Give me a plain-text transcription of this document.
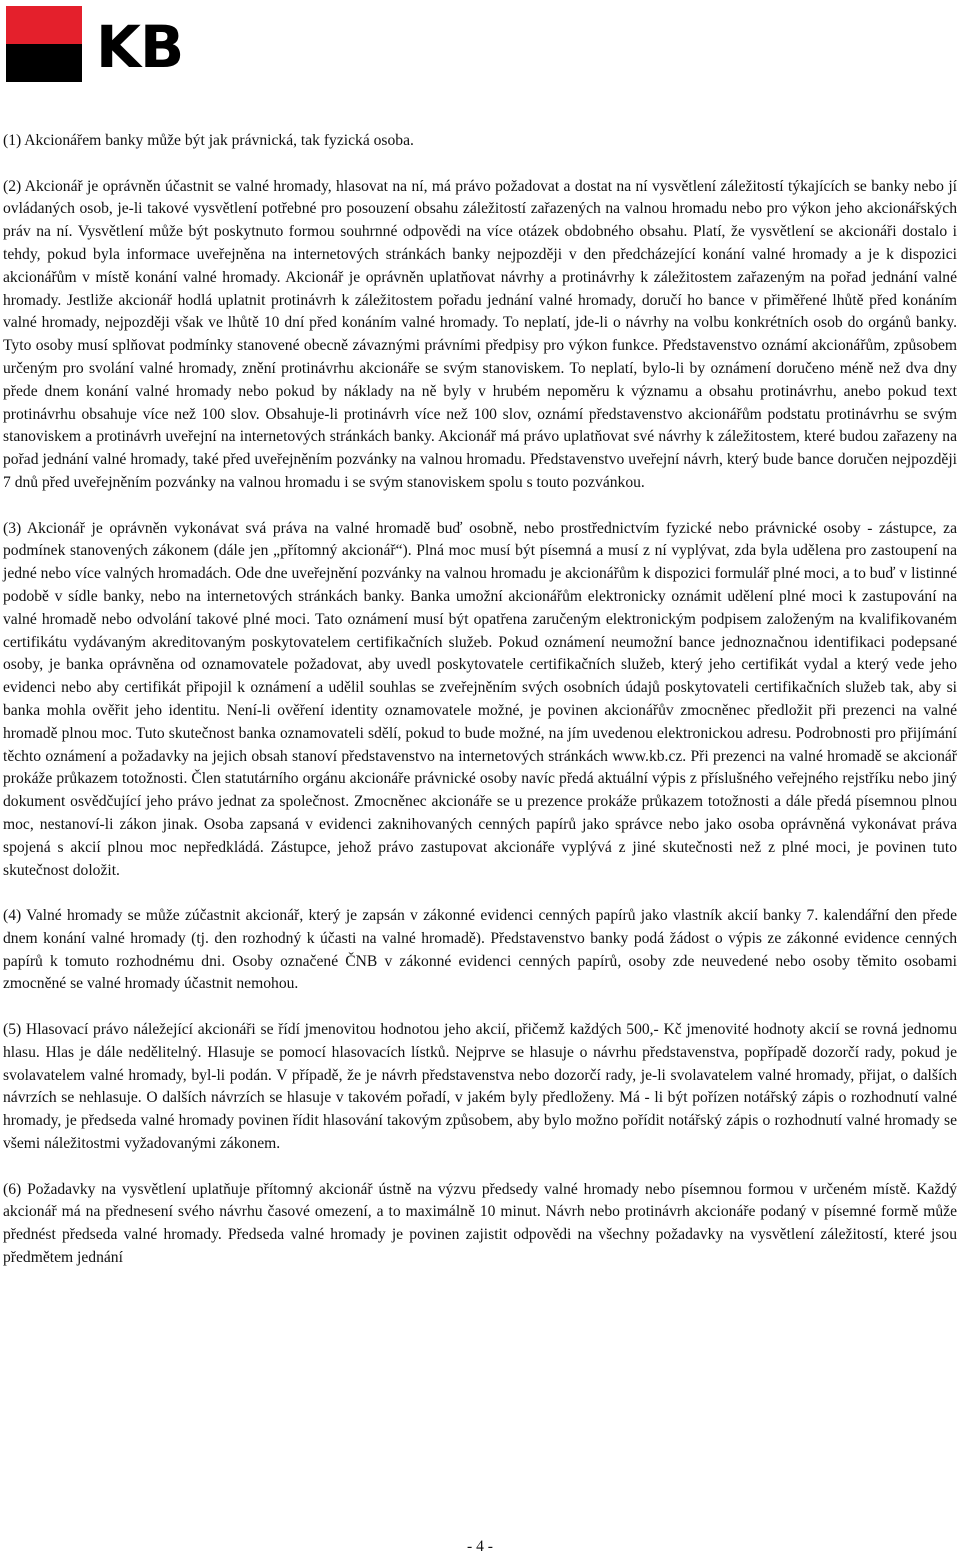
KB

(1) Akcionářem banky může být jak právnická, tak fyzická osoba.

(2) Akcionář je oprávněn účastnit se valné hromady, hlasovat na ní, má právo požadovat a dostat na ní vysvětlení záležitostí týkajících se banky nebo jí ovládaných osob, je-li takové vysvětlení potřebné pro posouzení obsahu záležitostí zařazených na valnou hromadu nebo pro výkon jeho akcionářských práv na ní. Vysvětlení může být poskytnuto formou souhrnné odpovědi na více otázek obdobného obsahu. Platí, že vysvětlení se akcionáři dostalo i tehdy, pokud byla informace uveřejněna na internetových stránkách banky nejpozději v den předcházející konání valné hromady a je k dispozici akcionářům v místě konání valné hromady. Akcionář je oprávněn uplatňovat návrhy a protinávrhy k záležitostem zařazeným na pořad jednání valné hromady. Jestliže akcionář hodlá uplatnit protinávrh k záležitostem pořadu jednání valné hromady, doručí ho bance v přiměřené lhůtě před konáním valné hromady, nejpozději však ve lhůtě 10 dní před konáním valné hromady. To neplatí, jde-li o návrhy na volbu konkrétních osob do orgánů banky. Tyto osoby musí splňovat podmínky stanovené obecně závaznými právními předpisy pro výkon funkce. Představenstvo oznámí akcionářům, způsobem určeným pro svolání valné hromady, znění protinávrhu akcionáře se svým stanoviskem. To neplatí, bylo-li by oznámení doručeno méně než dva dny přede dnem konání valné hromady nebo pokud by náklady na ně byly v hrubém nepoměru k významu a obsahu protinávrhu, anebo pokud text protinávrhu obsahuje více než 100 slov. Obsahuje-li protinávrh více než 100 slov, oznámí představenstvo akcionářům podstatu protinávrhu se svým stanoviskem a protinávrh uveřejní na internetových stránkách banky. Akcionář má právo uplatňovat své návrhy k záležitostem, které budou zařazeny na pořad jednání valné hromady, také před uveřejněním pozvánky na valnou hromadu. Představenstvo uveřejní návrh, který bude bance doručen nejpozději 7 dnů před uveřejněním pozvánky na valnou hromadu i se svým stanoviskem spolu s touto pozvánkou.

(3) Akcionář je oprávněn vykonávat svá práva na valné hromadě buď osobně, nebo prostřednictvím fyzické nebo právnické osoby - zástupce, za podmínek stanovených zákonem (dále jen „přítomný akcionář“). Plná moc musí být písemná a musí z ní vyplývat, zda byla udělena pro zastoupení na jedné nebo více valných hromadách. Ode dne uveřejnění pozvánky na valnou hromadu je akcionářům k dispozici formulář plné moci, a to buď v listinné podobě v sídle banky, nebo na internetových stránkách banky. Banka umožní akcionářům elektronicky oznámit udělení plné moci k zastupování na valné hromadě nebo odvolání takové plné moci. Tato oznámení musí být opatřena zaručeným elektronickým podpisem založeným na kvalifikovaném certifikátu vydávaným akreditovaným poskytovatelem certifikačních služeb. Pokud oznámení neumožní bance jednoznačnou identifikaci podepsané osoby, je banka oprávněna od oznamovatele požadovat, aby uvedl poskytovatele certifikačních služeb, který jeho certifikát vydal a který vede jeho evidenci nebo aby certifikát připojil k oznámení a udělil souhlas se zveřejněním svých osobních údajů poskytovateli certifikačních služeb tak, aby si banka mohla ověřit jeho identitu. Není-li ověření identity oznamovatele možné, je povinen akcionářův zmocněnec předložit při prezenci na valné hromadě plnou moc. Tuto skutečnost banka oznamovateli sdělí, pokud to bude možné, na jím uvedenou elektronickou adresu. Podrobnosti pro přijímání těchto oznámení a požadavky na jejich obsah stanoví představenstvo na internetových stránkách www.kb.cz. Při prezenci na valné hromadě se akcionář prokáže průkazem totožnosti. Člen statutárního orgánu akcionáře právnické osoby navíc předá aktuální výpis z příslušného veřejného rejstříku nebo jiný dokument osvědčující jeho právo jednat za společnost. Zmocněnec akcionáře se u prezence prokáže průkazem totožnosti a dále předá písemnou plnou moc, nestanoví-li zákon jinak. Osoba zapsaná v evidenci zaknihovaných cenných papírů jako správce nebo jako osoba oprávněná vykonávat práva spojená s akcií plnou moc nepředkládá. Zástupce, jehož právo zastupovat akcionáře vyplývá z jiné skutečnosti než z plné moci, je povinen tuto skutečnost doložit.

(4) Valné hromady se může zúčastnit akcionář, který je zapsán v zákonné evidenci cenných papírů jako vlastník akcií banky 7. kalendářní den přede dnem konání valné hromady (tj. den rozhodný k účasti na valné hromadě). Představenstvo banky podá žádost o výpis ze zákonné evidence cenných papírů k tomuto rozhodnému dni. Osoby označené ČNB v zákonné evidenci cenných papírů, osoby zde neuvedené nebo osoby těmito osobami zmocněné se valné hromady účastnit nemohou.

(5) Hlasovací právo náležející akcionáři se řídí jmenovitou hodnotou jeho akcií, přičemž každých 500,- Kč jmenovité hodnoty akcií se rovná jednomu hlasu. Hlas je dále nedělitelný. Hlasuje se pomocí hlasovacích lístků. Nejprve se hlasuje o návrhu představenstva, popřípadě dozorčí rady, pokud je svolavatelem valné hromady, byl-li podán. V případě, že je návrh představenstva nebo dozorčí rady, je-li svolavatelem valné hromady, přijat, o dalších návrzích se nehlasuje. O dalších návrzích se hlasuje v takovém pořadí, v jakém byly předloženy. Má - li být pořízen notářský zápis o rozhodnutí valné hromady, je předseda valné hromady povinen řídit hlasování takovým způsobem, aby bylo možno pořídit notářský zápis o rozhodnutí valné hromady se všemi náležitostmi vyžadovanými zákonem.

(6) Požadavky na vysvětlení uplatňuje přítomný akcionář ústně na výzvu předsedy valné hromady nebo písemnou formou v určeném místě. Každý akcionář má na přednesení svého návrhu časové omezení, a to maximálně 10 minut. Návrh nebo protinávrh akcionáře podaný v písemné formě může přednést předseda valné hromady. Předseda valné hromady je povinen zajistit odpovědi na všechny požadavky na vysvětlení záležitostí, které jsou předmětem jednání

- 4 -
